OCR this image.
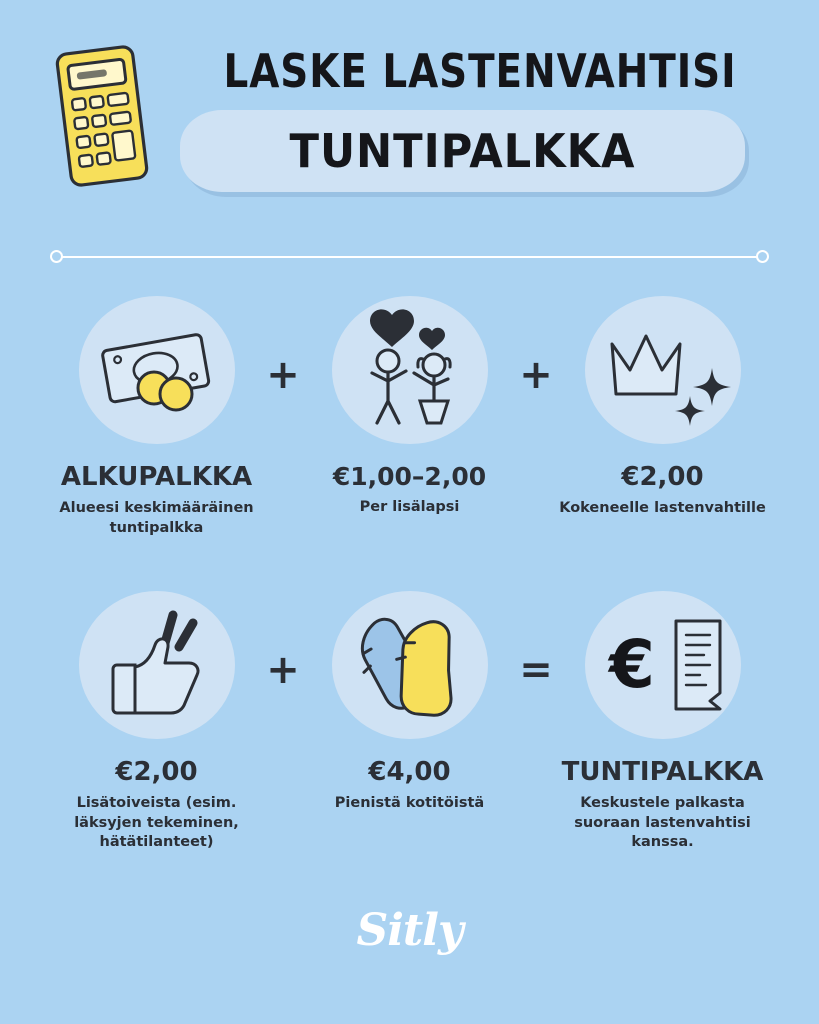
LASKE LASTENVAHTISI
TUNTIPALKKA
ALKUPALKKA
Alueesi keskimääräinen tuntipalkka
+
€1,00–2,00
Per lisälapsi
+
€2,00
Kokeneelle lastenvahtille
€2,00
Lisätoiveista (esim. läksyjen tekeminen, hätätilanteet)
+
€4,00
Pienistä kotitöistä
= €
TUNTIPALKKA
Keskustele palkasta suoraan lastenvahtisi kanssa.
Sitly
